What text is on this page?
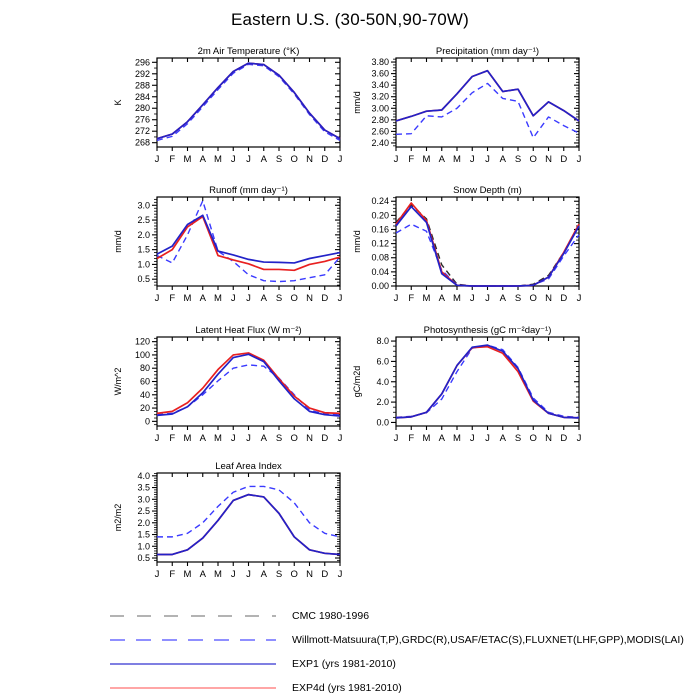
Eastern U.S. (30-50N,90-70W)
2m Air Temperature (°K)
K
268
272
276
280
284
288
292
296
J F M A M J J A S O N D J
Precipitation (mm day⁻¹)
mm/d
2.40
2.60
2.80
3.00
3.20
3.40
3.60
3.80
J F M A M J J A S O N D J
Runoff (mm day⁻¹)
mm/d
0.5
1.0
1.5
2.0
2.5
3.0
J F M A M J J A S O N D J
Snow Depth (m)
mm/d
0.00
0.04
0.08
0.12
0.16
0.20
0.24
J F M A M J J A S O N D J
Latent Heat Flux (W m⁻²)
W/m^2
0
20
40
60
80
100
120
J F M A M J J A S O N D J
Photosynthesis (gC m⁻²day⁻¹)
gC/m2d
0.0
2.0
4.0
6.0
8.0
J F M A M J J A S O N D J
Leaf Area Index
m2/m2
0.5
1.0
1.5
2.0
2.5
3.0
3.5
4.0
J F M A M J J A S O N D J
CMC 1980-1996
Willmott-Matsuura(T,P),GRDC(R),USAF/ETAC(S),FLUXNET(LHF,GPP),MODIS(LAI)
EXP1 (yrs 1981-2010)
EXP4d (yrs 1981-2010)
